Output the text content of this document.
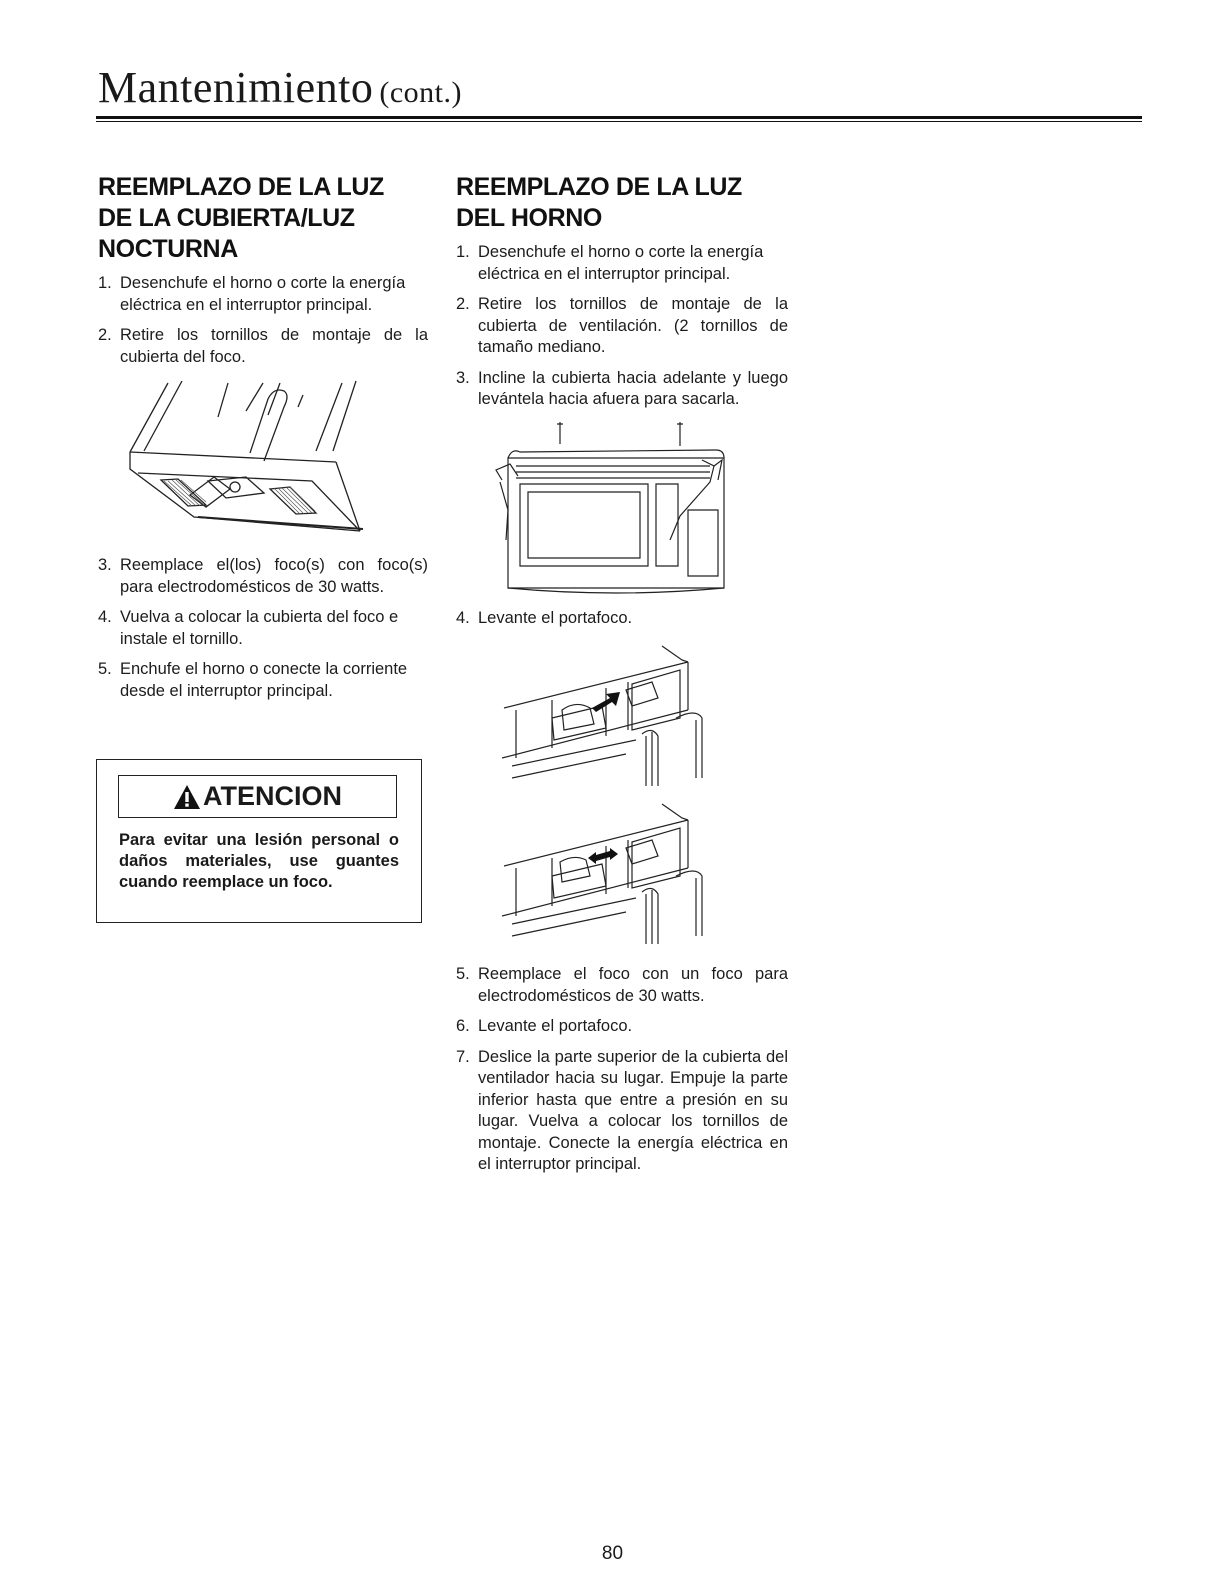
Mantenimiento (cont.)
REEMPLAZO DE LA LUZ
DE LA CUBIERTA/LUZ
NOCTURNA
1. Desenchufe el horno o corte la energía eléctrica en el interruptor principal.
2. Retire los tornillos de montaje de la cubierta del foco.
3. Reemplace el(los) foco(s) con foco(s) para electrodomésticos de 30 watts.
4. Vuelva a colocar la cubierta del foco e instale el tornillo.
5. Enchufe el horno o conecte la corriente desde el interruptor principal.
ATENCION
Para evitar una lesión personal o daños materiales, use guantes cuando reemplace un foco.
REEMPLAZO DE LA LUZ
DEL HORNO
1. Desenchufe el horno o corte la energía eléctrica en el interruptor principal.
2. Retire los tornillos de montaje de la cubierta de ventilación. (2 tornillos de tamaño mediano.
3. Incline la cubierta hacia adelante y luego levántela hacia afuera para sacarla.
4. Levante el portafoco.
5. Reemplace el foco con un foco para electrodomésticos de 30 watts.
6. Levante el portafoco.
7. Deslice la parte superior de la cubierta del ventilador hacia su lugar. Empuje la parte inferior hasta que entre a presión en su lugar. Vuelva a colocar los tornillos de montaje. Conecte la energía eléctrica en el interruptor principal.
80
